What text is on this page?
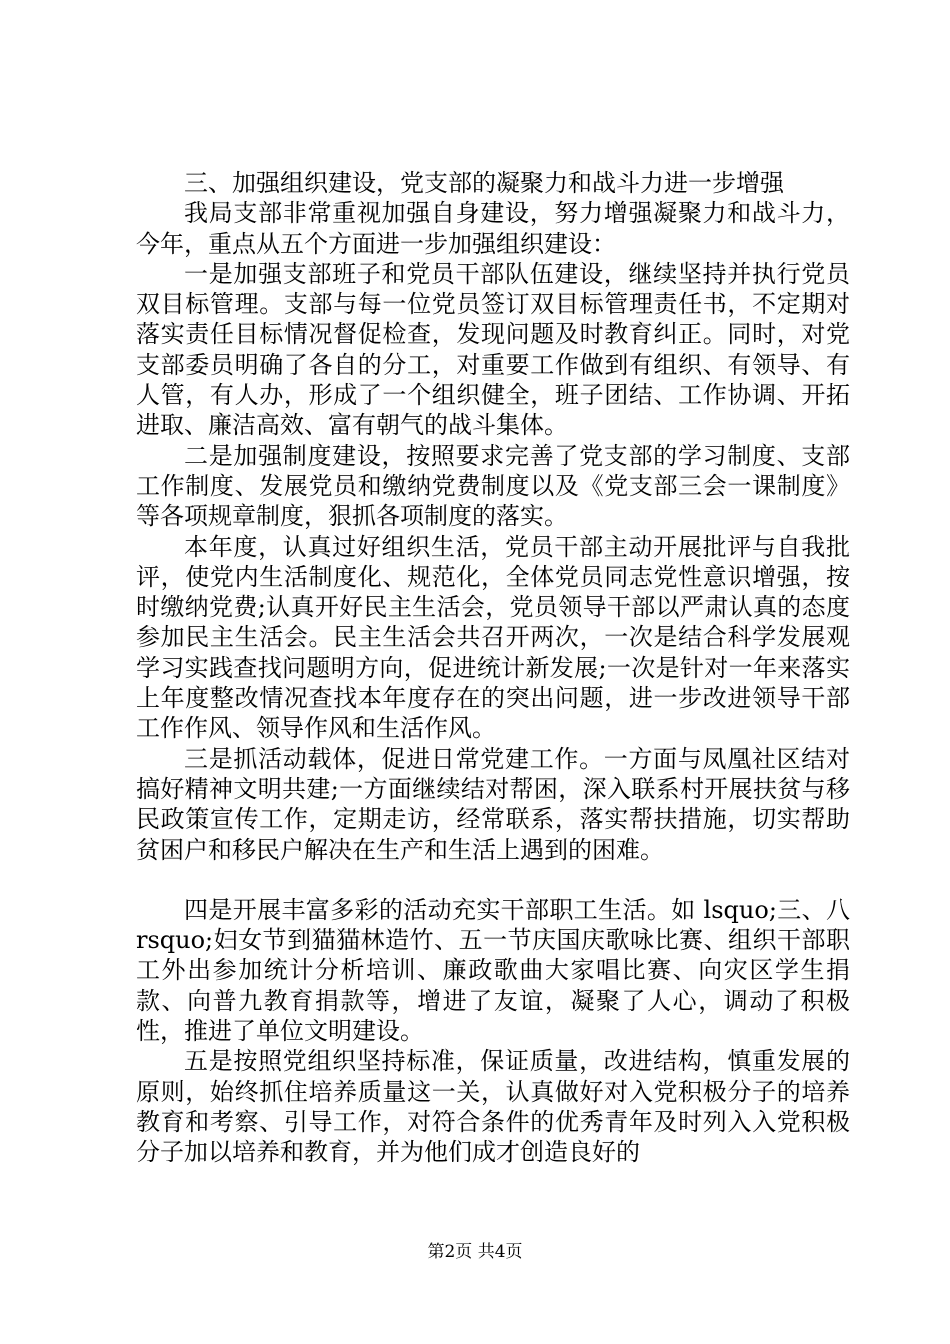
三、加强组织建设，党支部的凝聚力和战斗力进一步增强

我局支部非常重视加强自身建设，努力增强凝聚力和战斗力，今年，重点从五个方面进一步加强组织建设：

一是加强支部班子和党员干部队伍建设，继续坚持并执行党员双目标管理。支部与每一位党员签订双目标管理责任书，不定期对落实责任目标情况督促检查，发现问题及时教育纠正。同时，对党支部委员明确了各自的分工，对重要工作做到有组织、有领导、有人管，有人办，形成了一个组织健全，班子团结、工作协调、开拓进取、廉洁高效、富有朝气的战斗集体。

二是加强制度建设，按照要求完善了党支部的学习制度、支部工作制度、发展党员和缴纳党费制度以及《党支部三会一课制度》等各项规章制度，狠抓各项制度的落实。

本年度，认真过好组织生活，党员干部主动开展批评与自我批评，使党内生活制度化、规范化，全体党员同志党性意识增强，按时缴纳党费;认真开好民主生活会，党员领导干部以严肃认真的态度参加民主生活会。民主生活会共召开两次，一次是结合科学发展观学习实践查找问题明方向，促进统计新发展;一次是针对一年来落实上年度整改情况查找本年度存在的突出问题，进一步改进领导干部工作作风、领导作风和生活作风。

三是抓活动载体，促进日常党建工作。一方面与凤凰社区结对搞好精神文明共建;一方面继续结对帮困，深入联系村开展扶贫与移民政策宣传工作，定期走访，经常联系，落实帮扶措施，切实帮助贫困户和移民户解决在生产和生活上遇到的困难。

四是开展丰富多彩的活动充实干部职工生活。如 lsquo;三、八 rsquo;妇女节到猫猫林造竹、五一节庆国庆歌咏比赛、组织干部职工外出参加统计分析培训、廉政歌曲大家唱比赛、向灾区学生捐款、向普九教育捐款等，增进了友谊，凝聚了人心，调动了积极性，推进了单位文明建设。

五是按照党组织坚持标准，保证质量，改进结构，慎重发展的原则，始终抓住培养质量这一关，认真做好对入党积极分子的培养教育和考察、引导工作，对符合条件的优秀青年及时列入入党积极分子加以培养和教育，并为他们成才创造良好的

第2页 共4页
